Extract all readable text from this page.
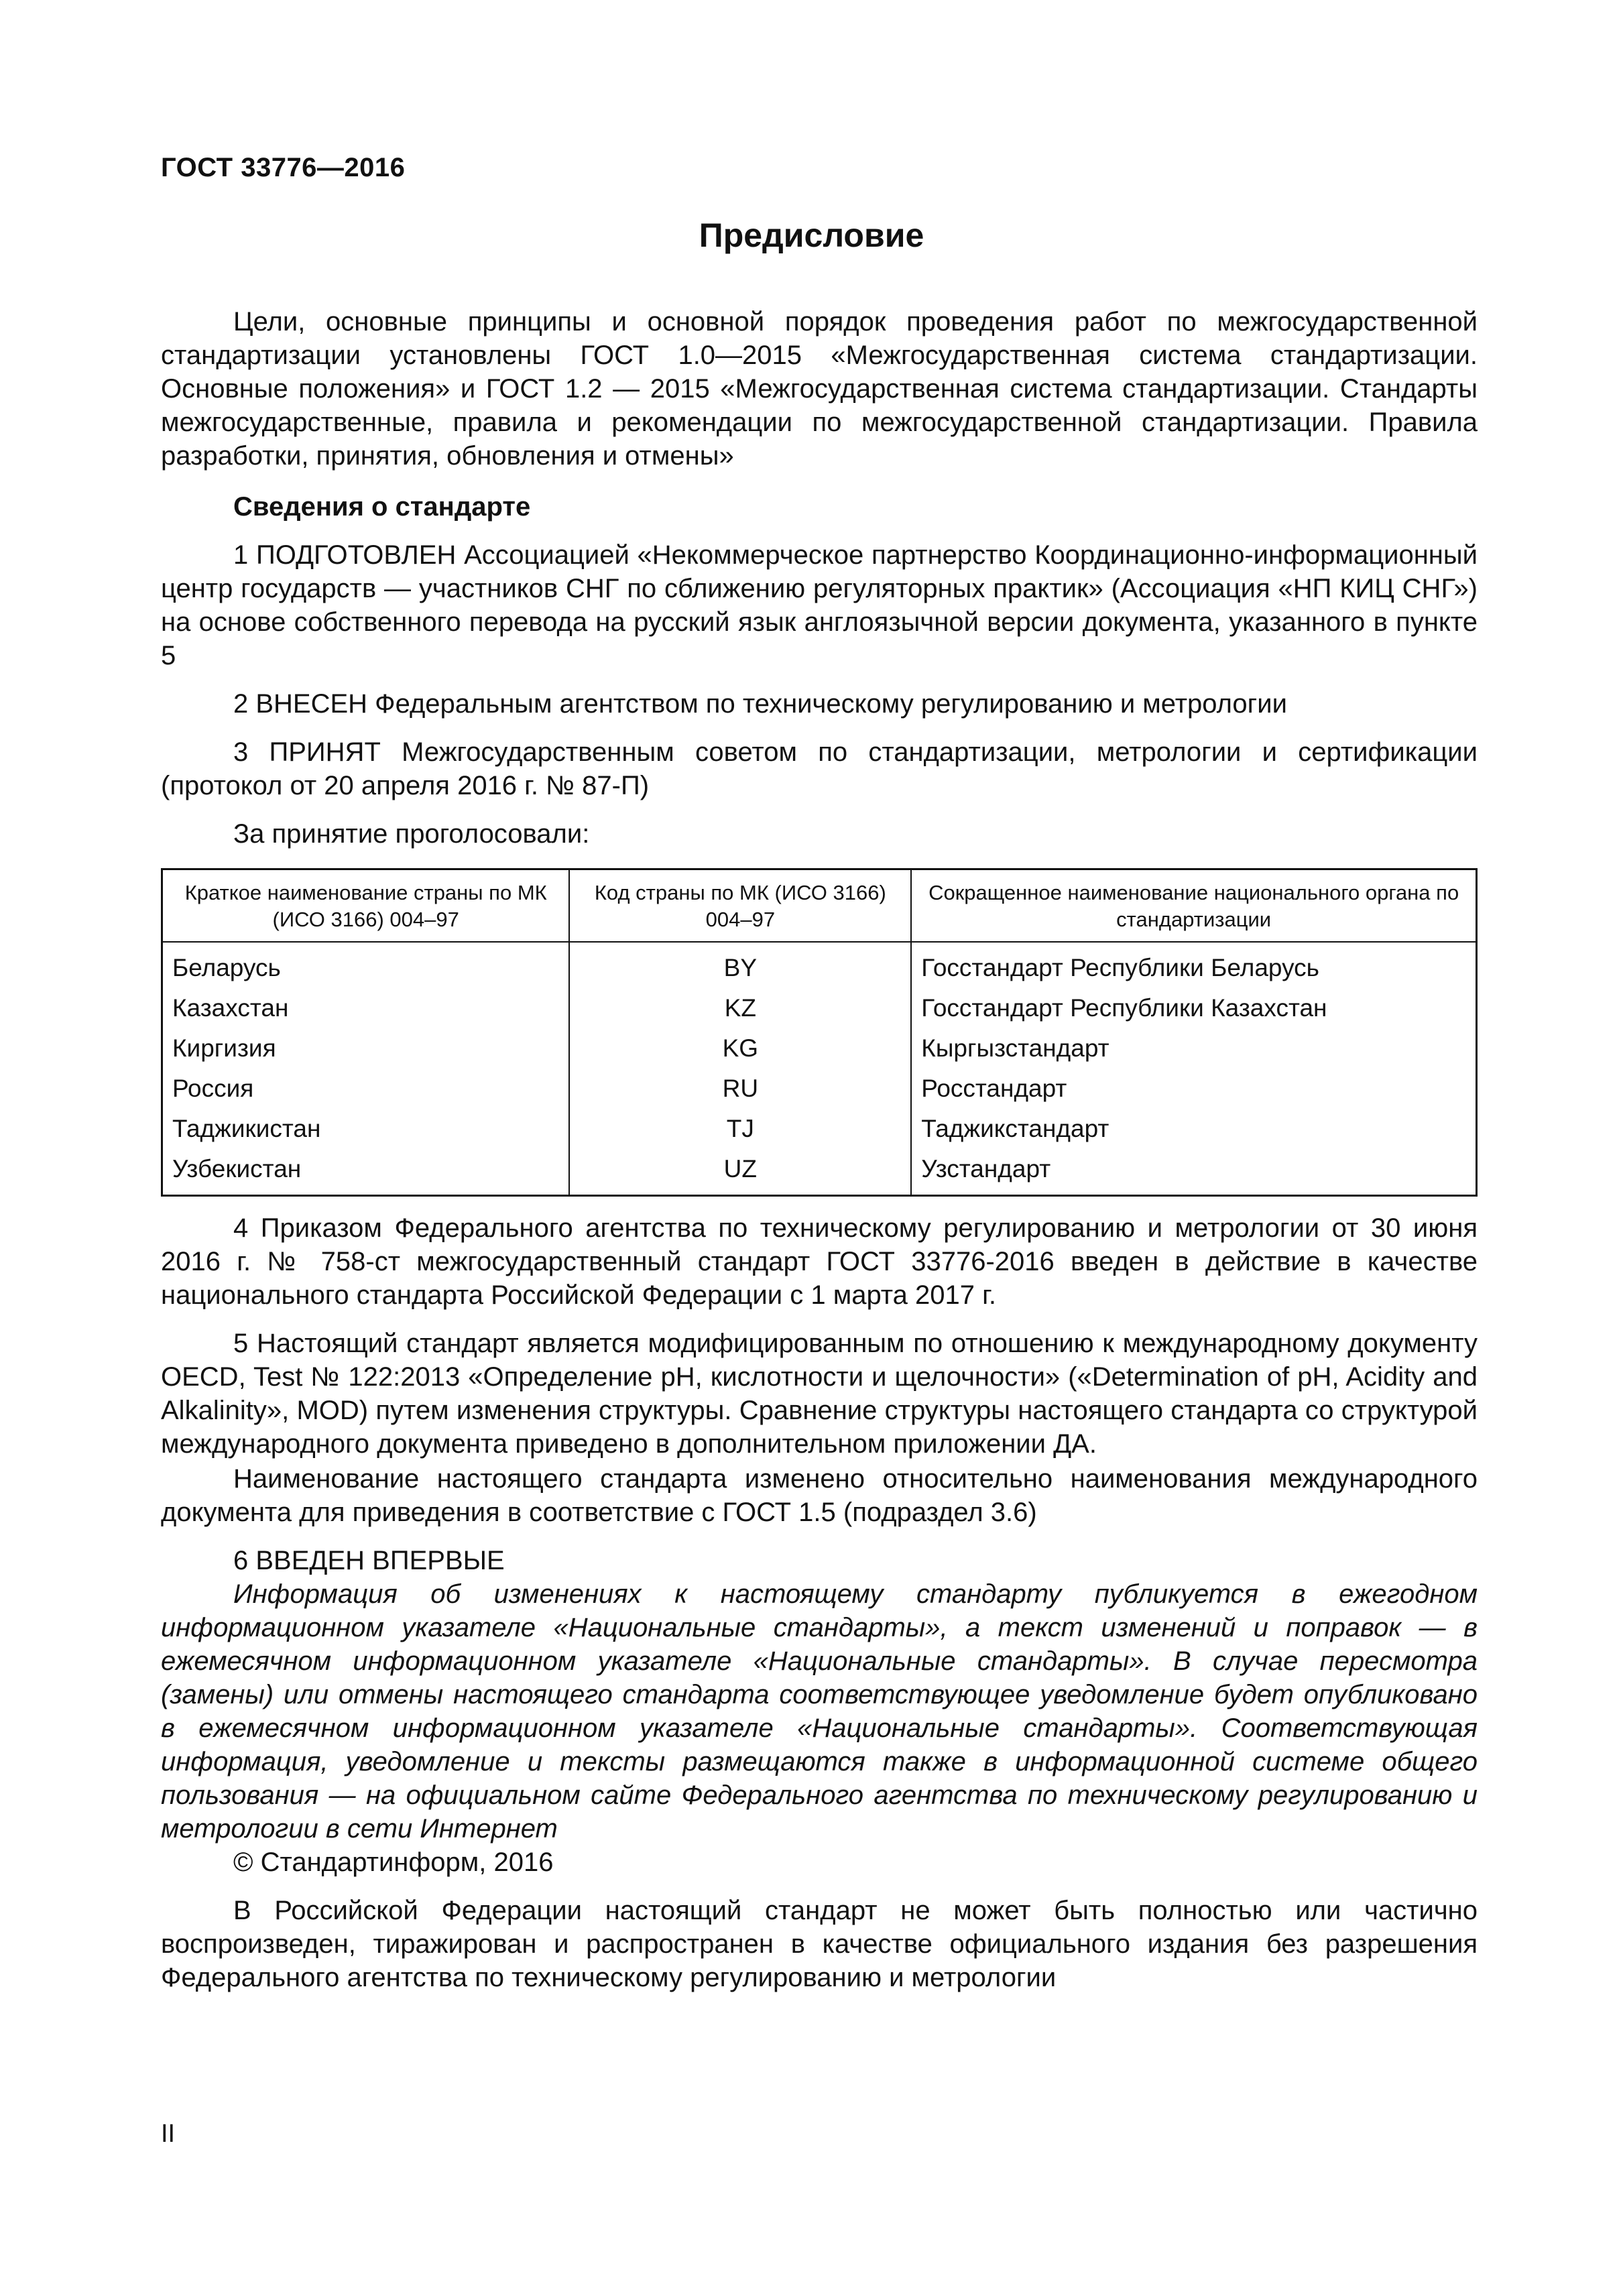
ГОСТ 33776—2016
Предисловие

Цели, основные принципы и основной порядок проведения работ по межгосударственной стандартизации установлены ГОСТ 1.0—2015 «Межгосударственная система стандартизации. Основные положения» и ГОСТ 1.2 — 2015 «Межгосударственная система стандартизации. Стандарты межгосударственные, правила и рекомендации по межгосударственной стандартизации. Правила разработки, принятия, обновления и отмены»

Сведения о стандарте

1 ПОДГОТОВЛЕН Ассоциацией «Некоммерческое партнерство Координационно-информационный центр государств — участников СНГ по сближению регуляторных практик» (Ассоциация «НП КИЦ СНГ») на основе собственного перевода на русский язык англоязычной версии документа, указанного в пункте 5

2 ВНЕСЕН Федеральным агентством по техническому регулированию и метрологии

3 ПРИНЯТ Межгосударственным советом по стандартизации, метрологии и сертификации (протокол от 20 апреля 2016 г. № 87-П)

За принятие проголосовали:

Краткое наименование страны по МК (ИСО 3166) 004–97	Код страны по МК (ИСО 3166) 004–97	Сокращенное наименование национального органа по стандартизации
Беларусь	BY	Госстандарт Республики Беларусь
Казахстан	KZ	Госстандарт Республики Казахстан
Киргизия	KG	Кыргызстандарт
Россия	RU	Росстандарт
Таджикистан	TJ	Таджикстандарт
Узбекистан	UZ	Узстандарт

4 Приказом Федерального агентства по техническому регулированию и метрологии от 30 июня 2016 г. № 758-ст межгосударственный стандарт ГОСТ 33776-2016 введен в действие в качестве национального стандарта Российской Федерации с 1 марта 2017 г.

5 Настоящий стандарт является модифицированным по отношению к международному документу OECD, Test № 122:2013 «Определение рН, кислотности и щелочности» («Determination of pH, Acidity and Alkalinity», MOD) путем изменения структуры. Сравнение структуры настоящего стандарта со структурой международного документа приведено в дополнительном приложении ДА.

Наименование настоящего стандарта изменено относительно наименования международного документа для приведения в соответствие с ГОСТ 1.5 (подраздел 3.6)

6 ВВЕДЕН ВПЕРВЫЕ

Информация об изменениях к настоящему стандарту публикуется в ежегодном информационном указателе «Национальные стандарты», а текст изменений и поправок — в ежемесячном информационном указателе «Национальные стандарты». В случае пересмотра (замены) или отмены настоящего стандарта соответствующее уведомление будет опубликовано в ежемесячном информационном указателе «Национальные стандарты». Соответствующая информация, уведомление и тексты размещаются также в информационной системе общего пользования — на официальном сайте Федерального агентства по техническому регулированию и метрологии в сети Интернет

© Стандартинформ, 2016

В Российской Федерации настоящий стандарт не может быть полностью или частично воспроизведен, тиражирован и распространен в качестве официального издания без разрешения Федерального агентства по техническому регулированию и метрологии

II
